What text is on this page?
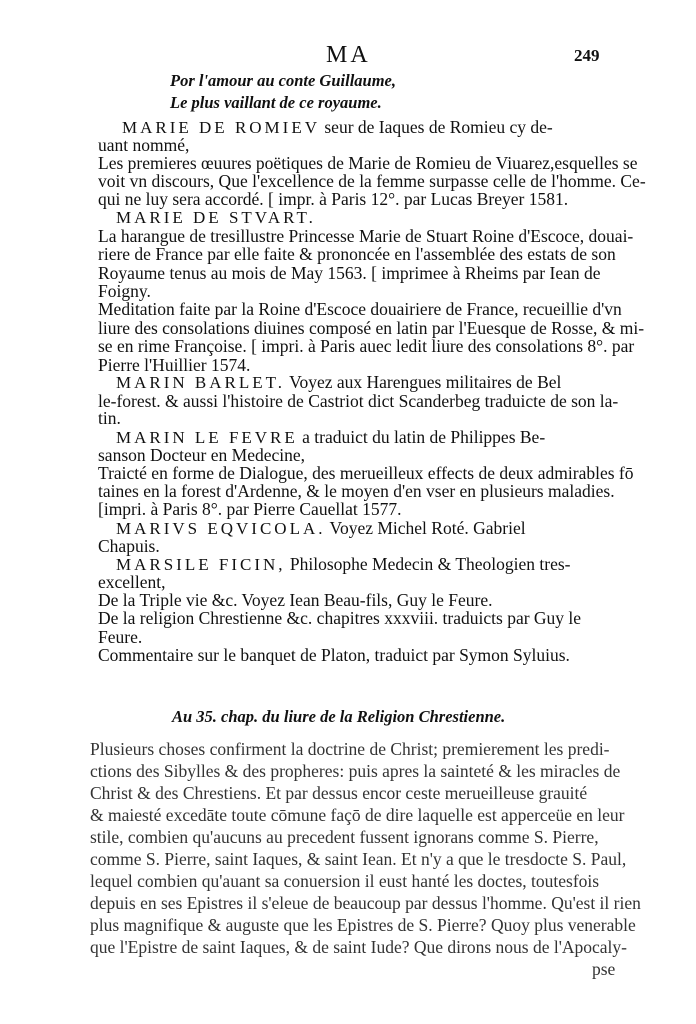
MA	249
Por l'amour au conte Guillaume,
Le plus vaillant de ce royaume.
MARIE DE ROMIEV seur de Iaques de Romieu cy de-
uant nommé,
Les premieres œuures poëtiques de Marie de Romieu de Viuarez,esquelles se
voit vn discours, Que l'excellence de la femme surpasse celle de l'homme. Ce-
qui ne luy sera accordé. [ impr. à Paris 12°. par Lucas Breyer 1581.
MARIE DE STVART.
La harangue de tresillustre Princesse Marie de Stuart Roine d'Escoce, douai-
riere de France par elle faite & prononcée en l'assemblée des estats de son
Royaume tenus au mois de May 1563. [ imprimee à Rheims par Iean de
Foigny.
Meditation faite par la Roine d'Escoce douairiere de France, recueillie d'vn
liure des consolations diuines composé en latin par l'Euesque de Rosse, & mi-
se en rime Françoise. [ impri. à Paris auec ledit liure des consolations 8°. par
Pierre l'Huillier 1574.
MARIN BARLET. Voyez aux Harengues militaires de Bel
le-forest. & aussi l'histoire de Castriot dict Scanderbeg traduicte de son la-
tin.
MARIN LE FEVRE a traduict du latin de Philippes Be-
sanson Docteur en Medecine,
Traicté en forme de Dialogue, des merueilleux effects de deux admirables fō
taines en la forest d'Ardenne, & le moyen d'en vser en plusieurs maladies.
[impri. à Paris 8°. par Pierre Cauellat 1577.
MARIVS EQVICOLA. Voyez Michel Roté. Gabriel
Chapuis.
MARSILE FICIN, Philosophe Medecin & Theologien tres-
excellent,
De la Triple vie &c. Voyez Iean Beau-fils, Guy le Feure.
De la religion Chrestienne &c. chapitres xxxviii. traduicts par Guy le
Feure.
Commentaire sur le banquet de Platon, traduict par Symon Syluius.
Au 35. chap. du liure de la Religion Chrestienne.
Plusieurs choses confirment la doctrine de Christ; premierement les predi-
ctions des Sibylles & des propheres: puis apres la sainteté & les miracles de
Christ & des Chrestiens. Et par dessus encor ceste merueilleuse grauité
& maiesté excedāte toute cōmune façō de dire laquelle est apperceüe en leur
stile, combien qu'aucuns au precedent fussent ignorans comme S. Pierre,
comme S. Pierre, saint Iaques, & saint Iean. Et n'y a que le tresdocte S. Paul,
lequel combien qu'auant sa conuersion il eust hanté les doctes, toutesfois
depuis en ses Epistres il s'eleue de beaucoup par dessus l'homme. Qu'est il rien
plus magnifique & auguste que les Epistres de S. Pierre? Quoy plus venerable
que l'Epistre de saint Iaques, & de saint Iude? Que dirons nous de l'Apocaly-
pse
